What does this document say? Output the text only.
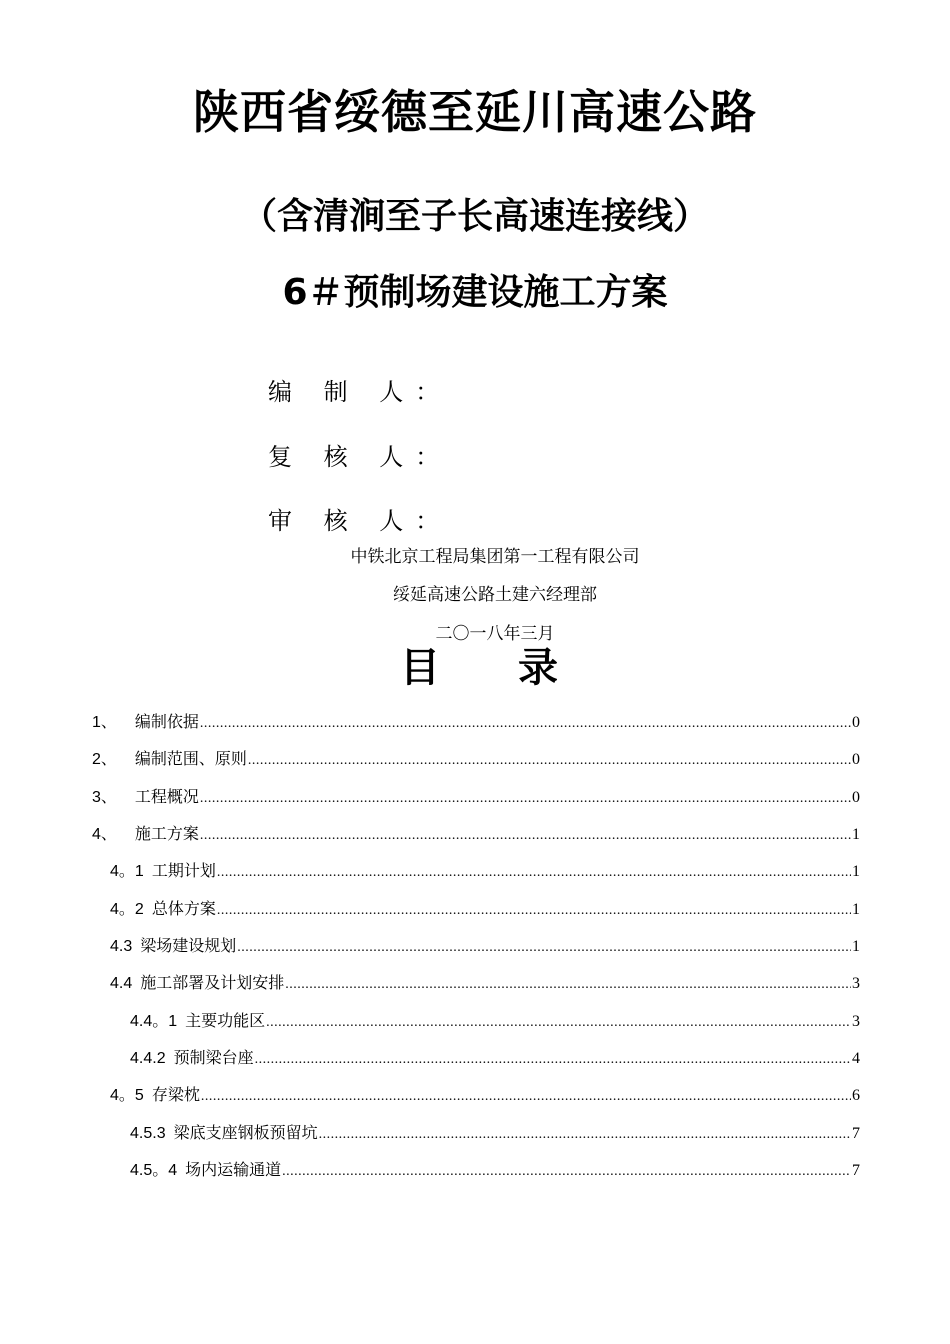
陕西省绥德至延川高速公路
（含清涧至子长高速连接线）
6＃预制场建设施工方案
编 制 人：
复 核 人：
审 核 人：
中铁北京工程局集团第一工程有限公司
绥延高速公路土建六经理部
二〇一八年三月
目 录
1、 编制依据 .....	0
2、 编制范围、原则 .....	0
3、 工程概况 .....	0
4、 施工方案 .....	1
4。1 工期计划 .....	1
4。2 总体方案 .....	1
4.3 梁场建设规划 .....	1
4.4 施工部署及计划安排 .....	3
4.4。1 主要功能区 .....	3
4.4.2 预制梁台座 .....	4
4。5 存梁枕 .....	6
4.5.3 梁底支座钢板预留坑 .....	7
4.5。4 场内运输通道 .....	7
